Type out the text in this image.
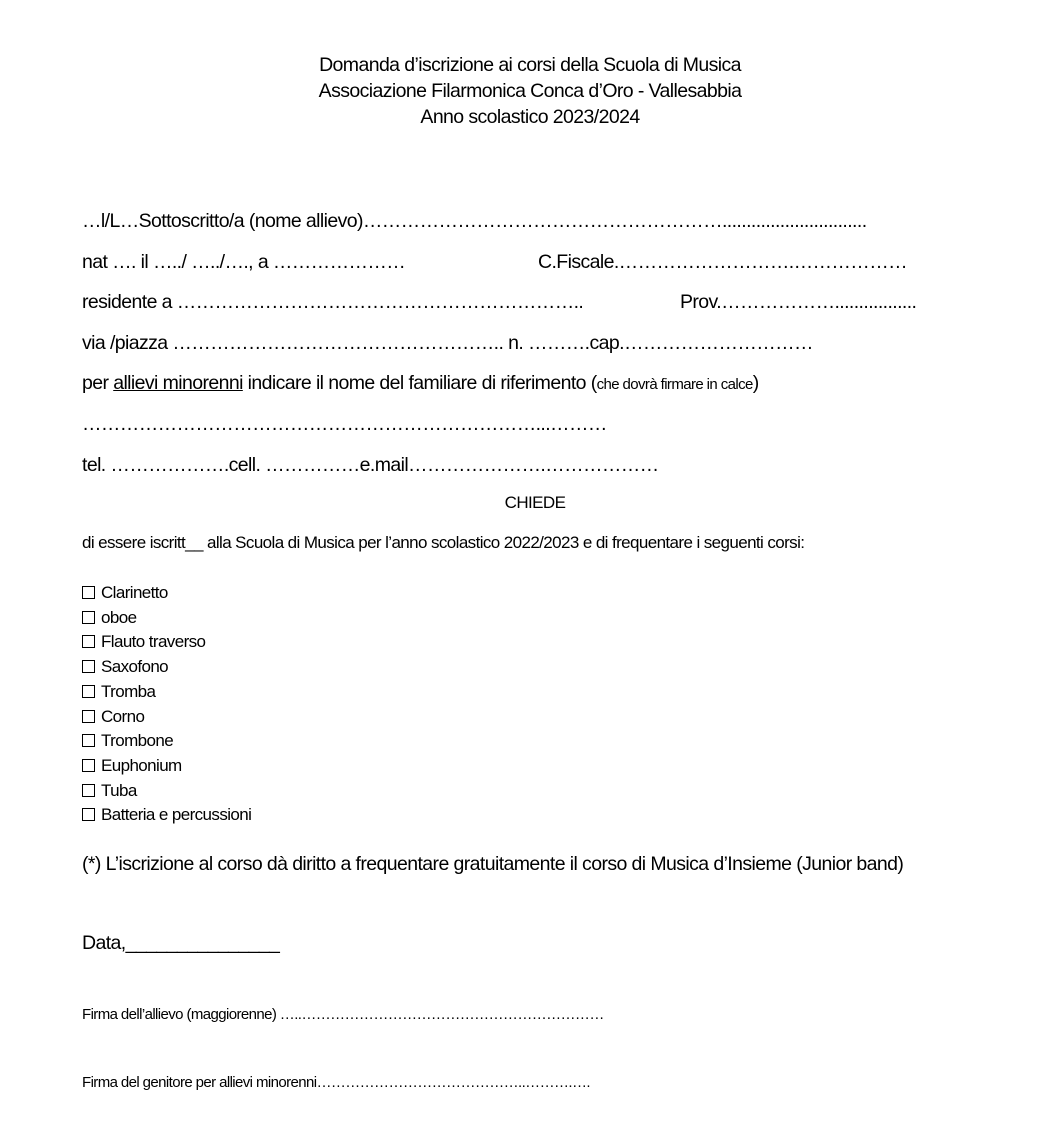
Domanda d’iscrizione ai corsi della Scuola di Musica
Associazione Filarmonica Conca d’Oro - Vallesabbia
Anno scolastico 2023/2024
…l/L…Sottoscritto/a (nome allievo)…………………………………………………..............................
nat …. il …../ …../…., a …………………	C.Fiscale.……………………….………………
residente a ………………………………………………………..	Prov.……………….................
via /piazza …………………………………………….. n. ……….cap.…………………………
per allievi minorenni indicare il nome del familiare di riferimento (che dovrà firmare in calce)
………………………………………………………………...………
tel. ……………….cell. ……………e.mail………………….………………
CHIEDE
di essere iscritt__ alla Scuola di Musica per l’anno scolastico 2022/2023 e di frequentare i seguenti corsi:
Clarinetto
oboe
Flauto traverso
Saxofono
Tromba
Corno
Trombone
Euphonium
Tuba
Batteria e percussioni
(*) L’iscrizione al corso dà diritto a frequentare gratuitamente il corso di Musica d’Insieme (Junior band)
Data,_______________
Firma dell’allievo (maggiorenne) …..………………………………………………………
Firma del genitore per allievi minorenni……………………………………..……….….
